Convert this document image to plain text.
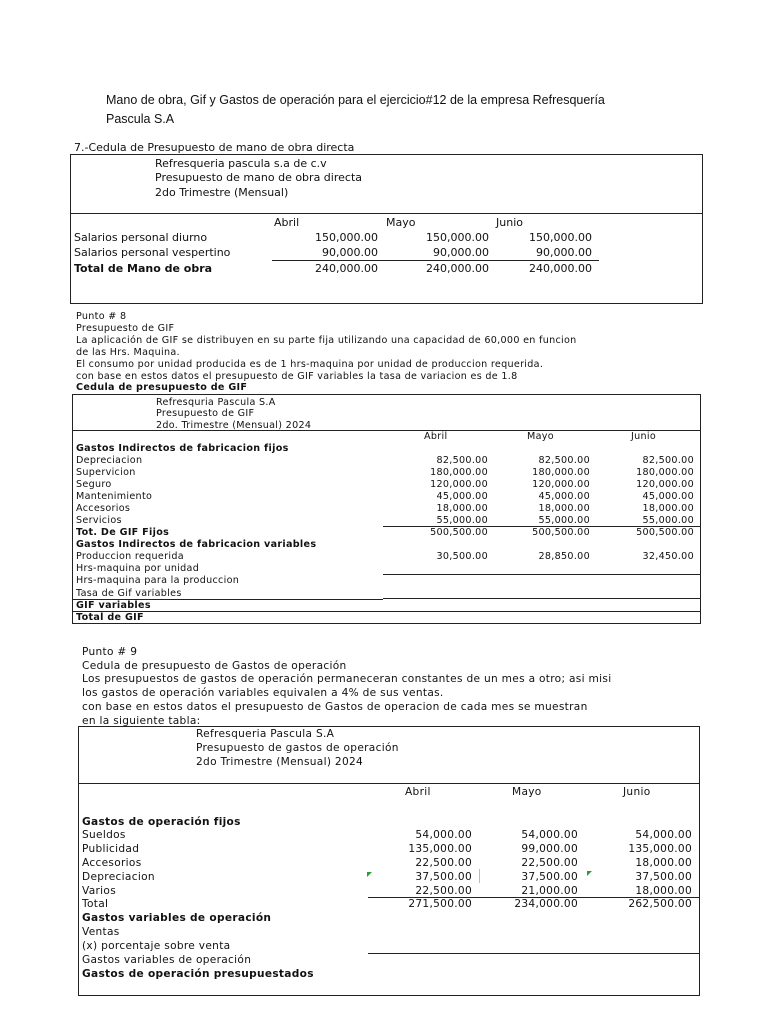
Mano de obra, Gif y Gastos de operación para el ejercicio#12 de la empresa Refresquería
Pascula S.A
7.-Cedula de Presupuesto de mano de obra directa
Refresqueria pascula s.a de c.v
Presupuesto de mano de obra directa
2do Trimestre (Mensual)
Abril	Mayo	Junio
Salarios personal diurno	150,000.00	150,000.00	150,000.00
Salarios personal vespertino	90,000.00	90,000.00	90,000.00
Total de Mano de obra	240,000.00	240,000.00	240,000.00
Punto # 8
Presupuesto de GIF
La aplicación de GIF se distribuyen en su parte fija utilizando una capacidad de 60,000 en funcion
de las Hrs. Maquina.
El consumo por unidad producida es de 1 hrs-maquina por unidad de produccion requerida.
con base en estos datos el presupuesto de GIF variables la tasa de variacion es de 1.8
Cedula de presupuesto de GIF
Refresquria Pascula S.A
Presupuesto de GIF
2do. Trimestre (Mensual) 2024
Abril	Mayo	Junio
Gastos Indirectos de fabricacion fijos
Depreciacion	82,500.00	82,500.00	82,500.00
Supervicion	180,000.00	180,000.00	180,000.00
Seguro	120,000.00	120,000.00	120,000.00
Mantenimiento	45,000.00	45,000.00	45,000.00
Accesorios	18,000.00	18,000.00	18,000.00
Servicios	55,000.00	55,000.00	55,000.00
Tot. De GIF Fijos	500,500.00	500,500.00	500,500.00
Gastos Indirectos de fabricacion variables
Produccion requerida	30,500.00	28,850.00	32,450.00
Hrs-maquina por unidad
Hrs-maquina para la produccion
Tasa de Gif variables
GIF variables
Total de GIF
Punto # 9
Cedula de presupuesto de Gastos de operación
Los presupuestos de gastos de operación permaneceran constantes de un mes a otro; asi misi
los gastos de operación variables equivalen a 4% de sus ventas.
con base en estos datos el presupuesto de Gastos de operacion de cada mes se muestran
en la siguiente tabla:
Refresqueria Pascula S.A
Presupuesto de gastos de operación
2do Trimestre (Mensual) 2024
Abril	Mayo	Junio
Gastos de operación fijos
Sueldos	54,000.00	54,000.00	54,000.00
Publicidad	135,000.00	99,000.00	135,000.00
Accesorios	22,500.00	22,500.00	18,000.00
Depreciacion	37,500.00	37,500.00	37,500.00
Varios	22,500.00	21,000.00	18,000.00
Total	271,500.00	234,000.00	262,500.00
Gastos variables de operación
Ventas
(x) porcentaje sobre venta
Gastos variables de operación
Gastos de operación presupuestados
